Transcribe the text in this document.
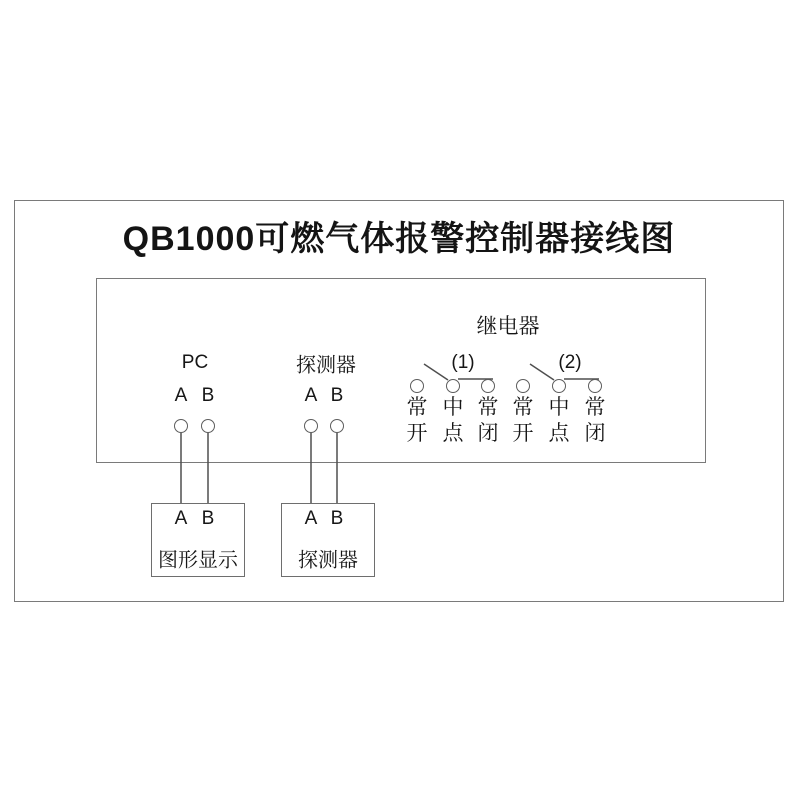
QB1000可燃气体报警控制器接线图
PC
A B
探测器
A B
继电器
(1)	(2)
常
开
中
点
常
闭
常
开
中
点
常
闭
A B
图形显示
A B
探测器
